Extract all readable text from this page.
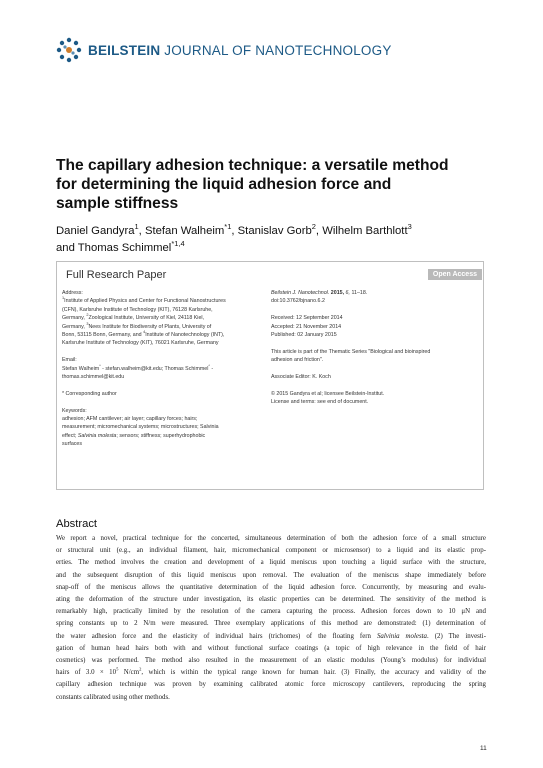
BEILSTEIN JOURNAL OF NANOTECHNOLOGY
The capillary adhesion technique: a versatile method
for determining the liquid adhesion force and
sample stiffness
Daniel Gandyra$^1$, Stefan Walheim$^{*1}$, Stanislav Gorb$^2$, Wilhelm Barthlott$^3$
and Thomas Schimmel$^{*1,4}$
Full Research Paper	Open Access
Address:
$^1$Institute of Applied Physics and Center for Functional Nanostructures
(CFN), Karlsruhe Institute of Technology (KIT), 76128 Karlsruhe,
Germany, $^2$Zoological Institute, University of Kiel, 24118 Kiel,
Germany, $^3$Nees Institute for Biodiversity of Plants, University of
Bonn, 53115 Bonn, Germany, and $^4$Institute of Nanotechnology (INT),
Karlsruhe Institute of Technology (KIT), 76021 Karlsruhe, Germany
Email:
Stefan Walheim* - stefan.walheim@kit.edu; Thomas Schimmel* -
thomas.schimmel@kit.edu
* Corresponding author
Keywords:
adhesion; AFM cantilever; air layer; capillary forces; hairs;
measurement; micromechanical systems; microstructures; Salvinia
effect; Salvinia molesta; sensors; stiffness; superhydrophobic
surfaces
Beilstein J. Nanotechnol. 2015, 6, 11–18.
doi:10.3762/bjnano.6.2
Received: 12 September 2014
Accepted: 21 November 2014
Published: 02 January 2015
This article is part of the Thematic Series "Biological and bioinspired
adhesion and friction".
Associate Editor: K. Koch
© 2015 Gandyra et al; licensee Beilstein-Institut.
License and terms: see end of document.
Abstract
We report a novel, practical technique for the concerted, simultaneous determination of both the adhesion force of a small structure
or structural unit (e.g., an individual filament, hair, micromechanical component or microsensor) to a liquid and its elastic prop-
erties. The method involves the creation and development of a liquid meniscus upon touching a liquid surface with the structure,
and the subsequent disruption of this liquid meniscus upon removal. The evaluation of the meniscus shape immediately before
snap-off of the meniscus allows the quantitative determination of the liquid adhesion force. Concurrently, by measuring and evalu-
ating the deformation of the structure under investigation, its elastic properties can be determined. The sensitivity of the method is
remarkably high, practically limited by the resolution of the camera capturing the process. Adhesion forces down to 10 μN and
spring constants up to 2 N/m were measured. Three exemplary applications of this method are demonstrated: (1) determination of
the water adhesion force and the elasticity of individual hairs (trichomes) of the floating fern Salvinia molesta. (2) The investi-
gation of human head hairs both with and without functional surface coatings (a topic of high relevance in the field of hair
cosmetics) was performed. The method also resulted in the measurement of an elastic modulus (Young’s modulus) for individual
hairs of $3.0 \times 10^5$ $N/cm^2$, which is within the typical range known for human hair. (3) Finally, the accuracy and validity of the
capillary adhesion technique was proven by examining calibrated atomic force microscopy cantilevers, reproducing the spring
constants calibrated using other methods.
11
